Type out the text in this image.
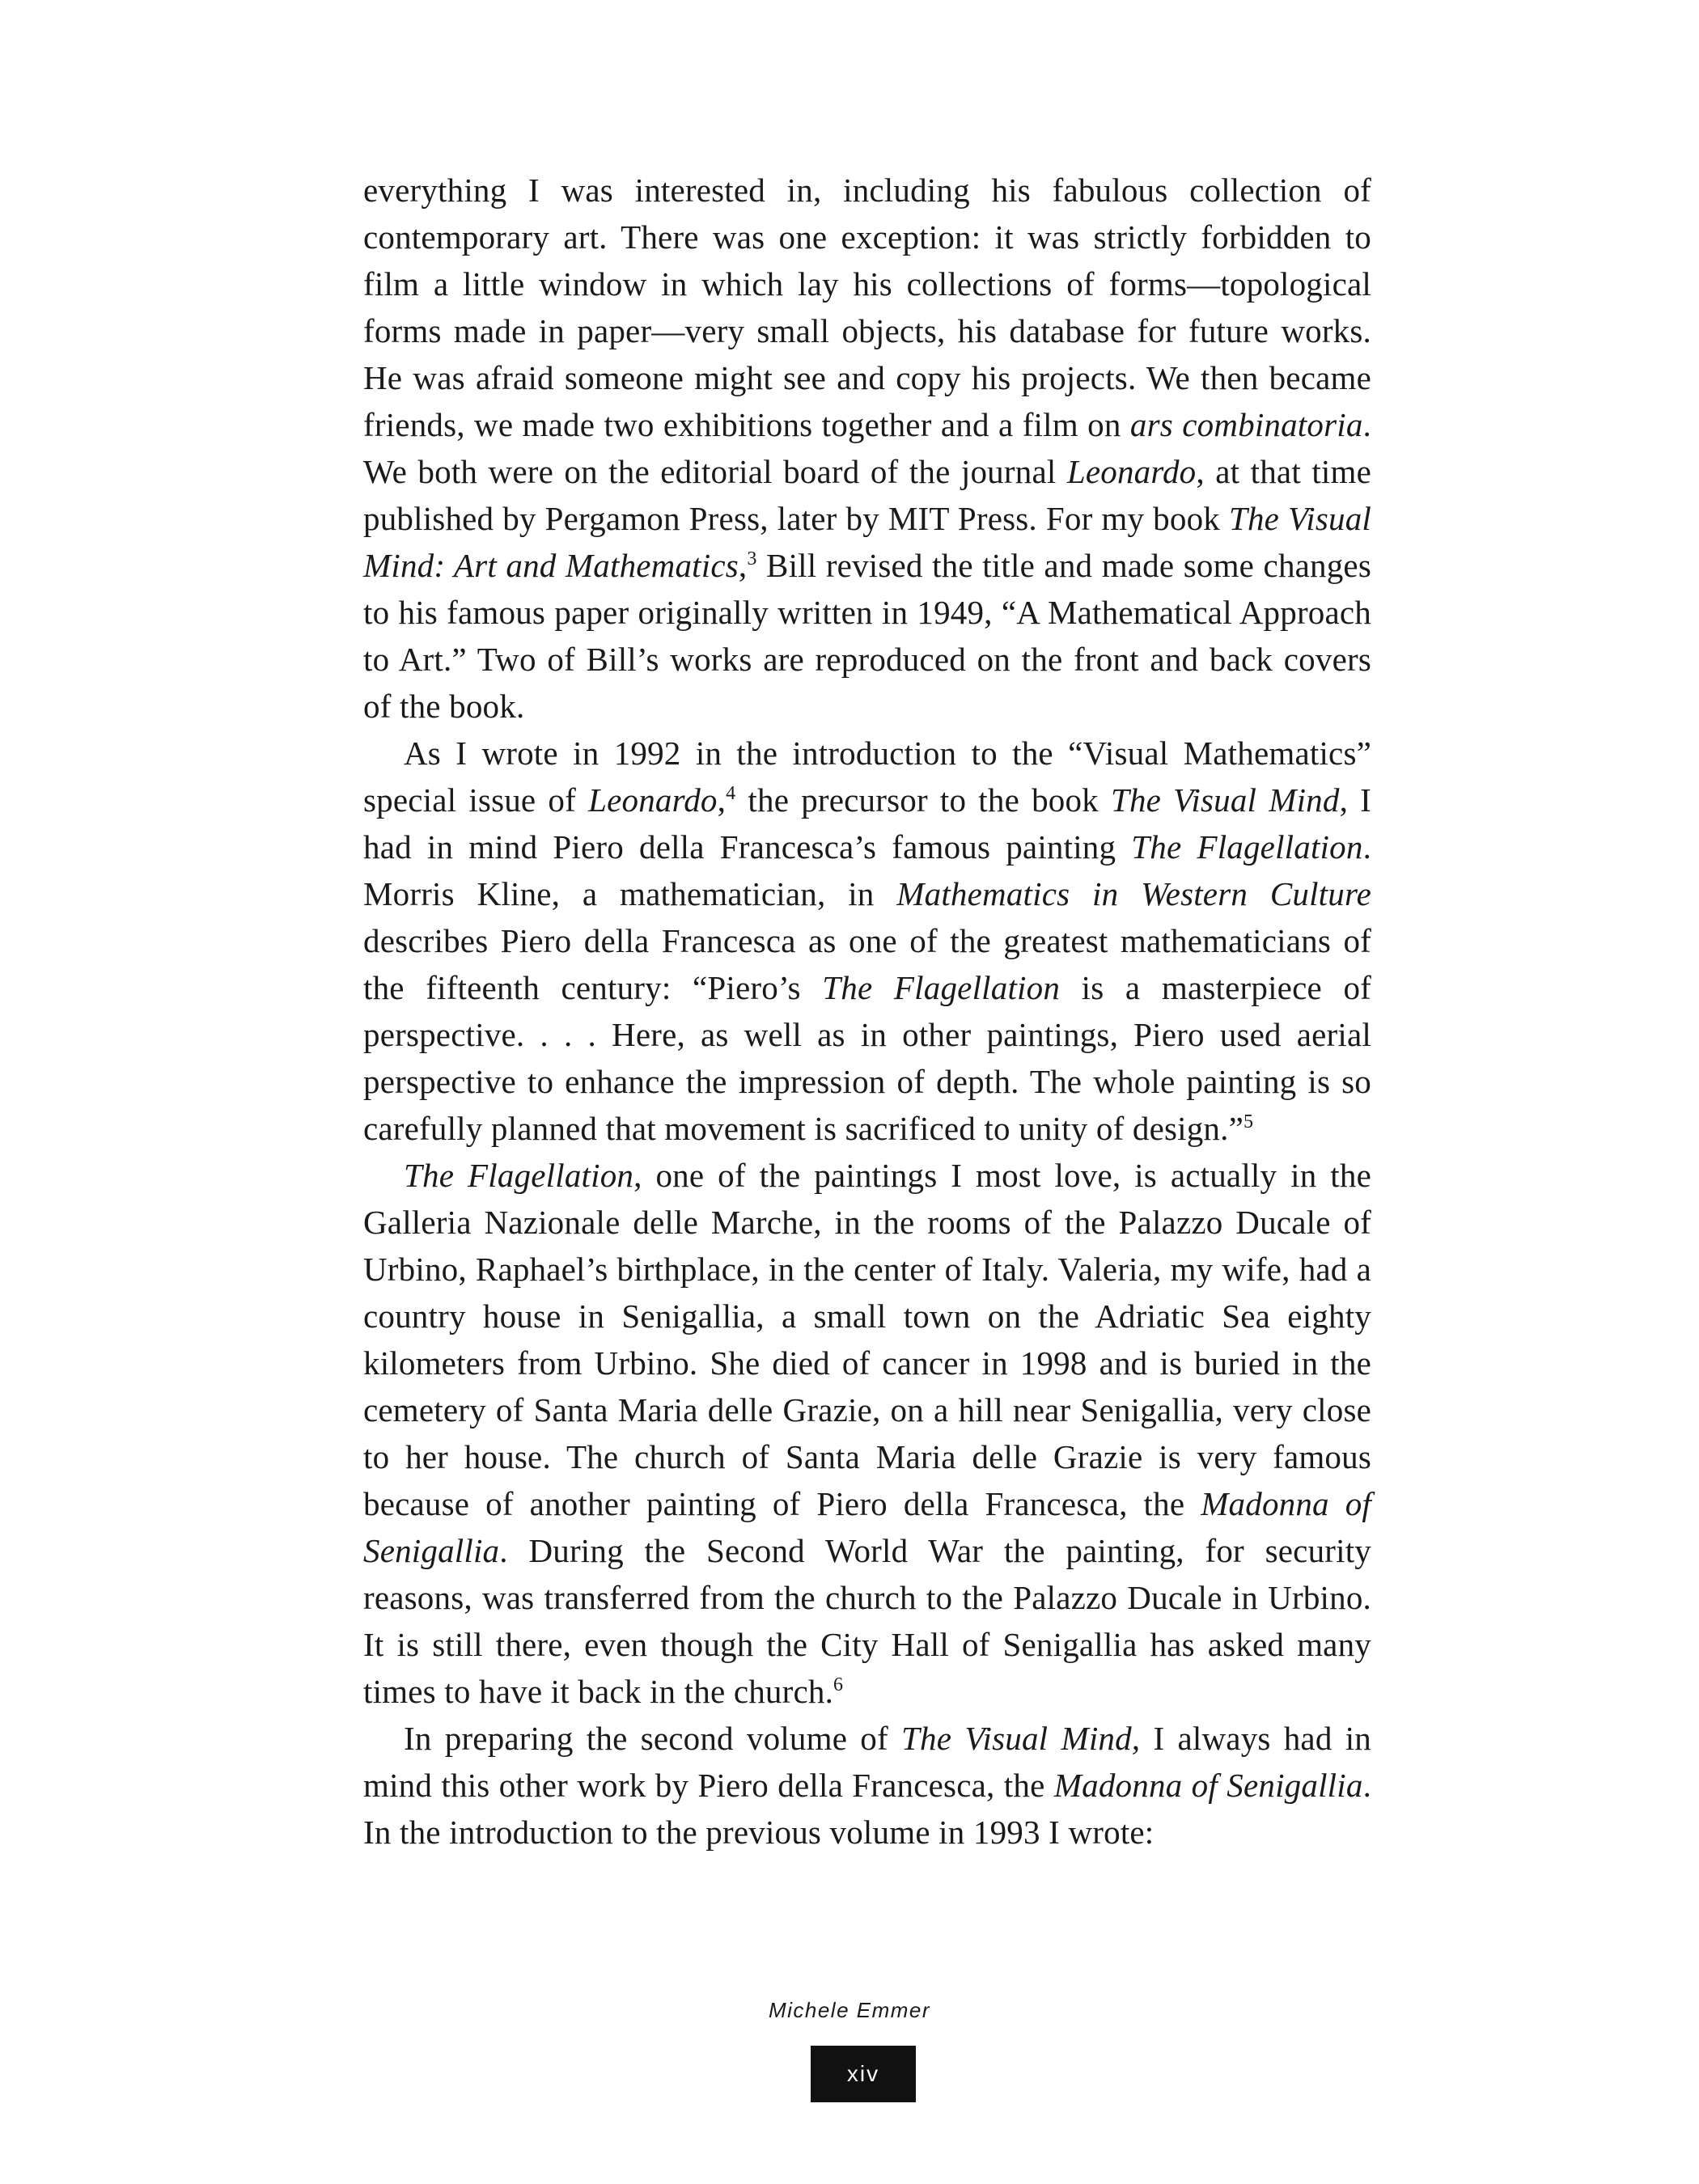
everything I was interested in, including his fabulous collection of contemporary art. There was one exception: it was strictly forbidden to film a little window in which lay his collections of forms—topological forms made in paper—very small objects, his database for future works. He was afraid someone might see and copy his projects. We then became friends, we made two exhibitions together and a film on ars combinatoria. We both were on the editorial board of the journal Leonardo, at that time published by Pergamon Press, later by MIT Press. For my book The Visual Mind: Art and Mathematics,$^3$ Bill revised the title and made some changes to his famous paper originally written in 1949, “A Mathematical Approach to Art.” Two of Bill’s works are reproduced on the front and back covers of the book.

As I wrote in 1992 in the introduction to the “Visual Mathematics” special issue of Leonardo,$^4$ the precursor to the book The Visual Mind, I had in mind Piero della Francesca’s famous painting The Flagellation. Morris Kline, a mathematician, in Mathematics in Western Culture describes Piero della Francesca as one of the greatest mathematicians of the fifteenth century: “Piero’s The Flagellation is a masterpiece of perspective. . . . Here, as well as in other paintings, Piero used aerial perspective to enhance the impression of depth. The whole painting is so carefully planned that movement is sacrificed to unity of design.”$^5$

The Flagellation, one of the paintings I most love, is actually in the Galleria Nazionale delle Marche, in the rooms of the Palazzo Ducale of Urbino, Raphael’s birthplace, in the center of Italy. Valeria, my wife, had a country house in Senigallia, a small town on the Adriatic Sea eighty kilometers from Urbino. She died of cancer in 1998 and is buried in the cemetery of Santa Maria delle Grazie, on a hill near Senigallia, very close to her house. The church of Santa Maria delle Grazie is very famous because of another painting of Piero della Francesca, the Madonna of Senigallia. During the Second World War the painting, for security reasons, was transferred from the church to the Palazzo Ducale in Urbino. It is still there, even though the City Hall of Senigallia has asked many times to have it back in the church.$^6$

In preparing the second volume of The Visual Mind, I always had in mind this other work by Piero della Francesca, the Madonna of Senigallia. In the introduction to the previous volume in 1993 I wrote:

Michele Emmer
xiv
